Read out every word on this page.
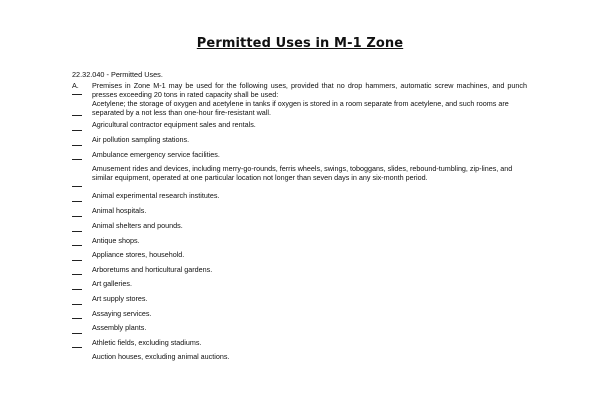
Permitted Uses in M-1 Zone
22.32.040 - Permitted Uses.
A. Premises in Zone M-1 may be used for the following uses, provided that no drop hammers, automatic screw machines, and punch presses exceeding 20 tons in rated capacity shall be used:
Acetylene; the storage of oxygen and acetylene in tanks if oxygen is stored in a room separate from acetylene, and such rooms are separated by a not less than one-hour fire-resistant wall.
Agricultural contractor equipment sales and rentals.
Air pollution sampling stations.
Ambulance emergency service facilities.
Amusement rides and devices, including merry-go-rounds, ferris wheels, swings, toboggans, slides, rebound-tumbling, zip-lines, and similar equipment, operated at one particular location not longer than seven days in any six-month period.
Animal experimental research institutes.
Animal hospitals.
Animal shelters and pounds.
Antique shops.
Appliance stores, household.
Arboretums and horticultural gardens.
Art galleries.
Art supply stores.
Assaying services.
Assembly plants.
Athletic fields, excluding stadiums.
Auction houses, excluding animal auctions.
